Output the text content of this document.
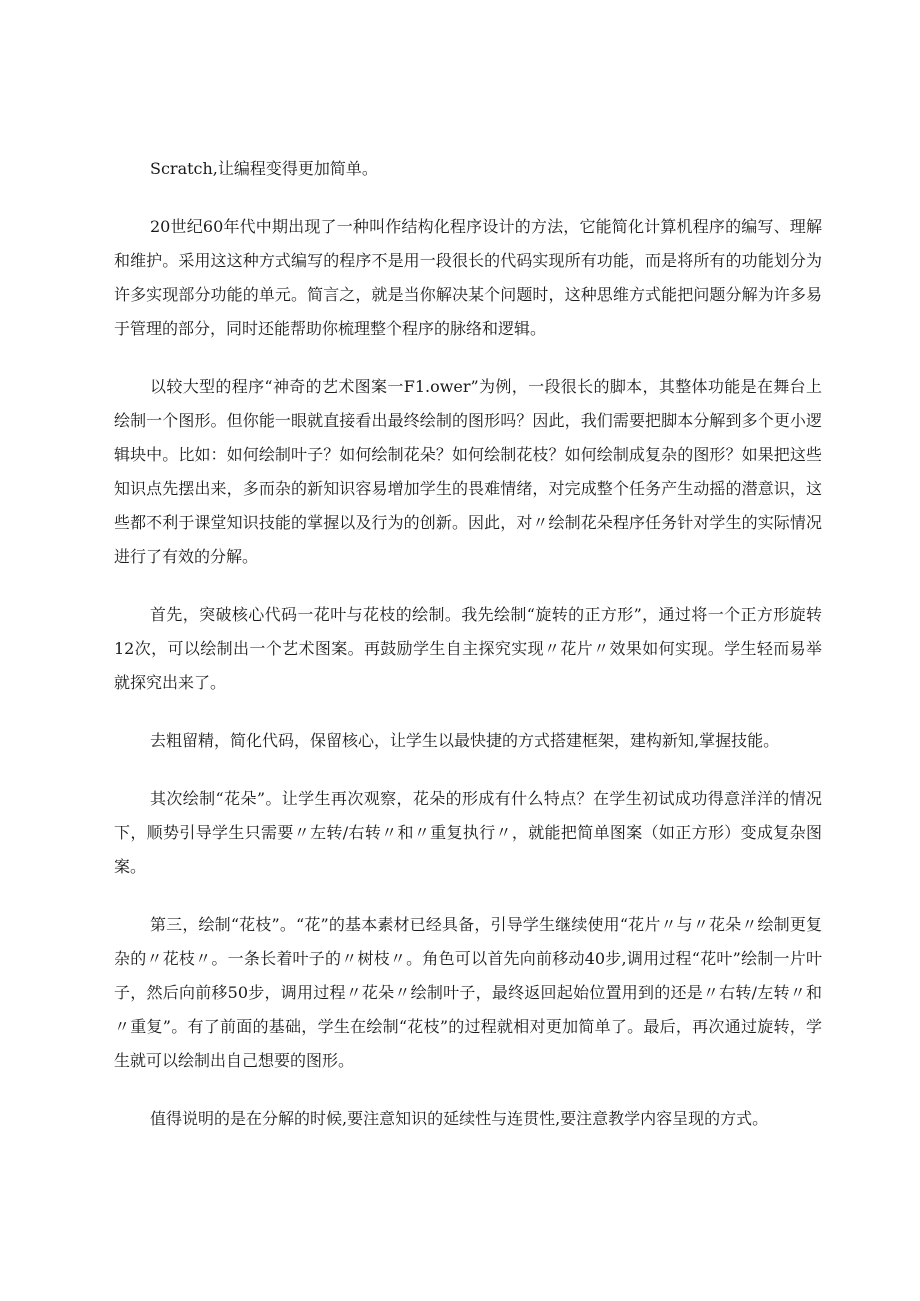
Scratch,让编程变得更加简单。

20世纪60年代中期出现了一种叫作结构化程序设计的方法，它能简化计算机程序的编写、理解和维护。采用这这种方式编写的程序不是用一段很长的代码实现所有功能，而是将所有的功能划分为许多实现部分功能的单元。简言之，就是当你解决某个问题时，这种思维方式能把问题分解为许多易于管理的部分，同时还能帮助你梳理整个程序的脉络和逻辑。

以较大型的程序“神奇的艺术图案一F1.ower”为例，一段很长的脚本，其整体功能是在舞台上绘制一个图形。但你能一眼就直接看出最终绘制的图形吗？因此，我们需要把脚本分解到多个更小逻辑块中。比如：如何绘制叶子？如何绘制花朵？如何绘制花枝？如何绘制成复杂的图形？如果把这些知识点先摆出来，多而杂的新知识容易增加学生的畏难情绪，对完成整个任务产生动摇的潜意识，这些都不利于课堂知识技能的掌握以及行为的创新。因此，对〃绘制花朵程序任务针对学生的实际情况进行了有效的分解。

首先，突破核心代码一花叶与花枝的绘制。我先绘制“旋转的正方形”，通过将一个正方形旋转12次，可以绘制出一个艺术图案。再鼓励学生自主探究实现〃花片〃效果如何实现。学生轻而易举就探究出来了。

去粗留精，简化代码，保留核心，让学生以最快捷的方式搭建框架，建构新知,掌握技能。

其次绘制“花朵”。让学生再次观察，花朵的形成有什么特点？在学生初试成功得意洋洋的情况下，顺势引导学生只需要〃左转/右转〃和〃重复执行〃，就能把简单图案（如正方形）变成复杂图案。

第三，绘制“花枝”。“花”的基本素材已经具备，引导学生继续使用“花片〃与〃花朵〃绘制更复杂的〃花枝〃。一条长着叶子的〃树枝〃。角色可以首先向前移动40步,调用过程“花叶”绘制一片叶子，然后向前移50步，调用过程〃花朵〃绘制叶子，最终返回起始位置用到的还是〃右转/左转〃和〃重复”。有了前面的基础，学生在绘制“花枝”的过程就相对更加简单了。最后，再次通过旋转，学生就可以绘制出自己想要的图形。

值得说明的是在分解的时候,要注意知识的延续性与连贯性,要注意教学内容呈现的方式。
